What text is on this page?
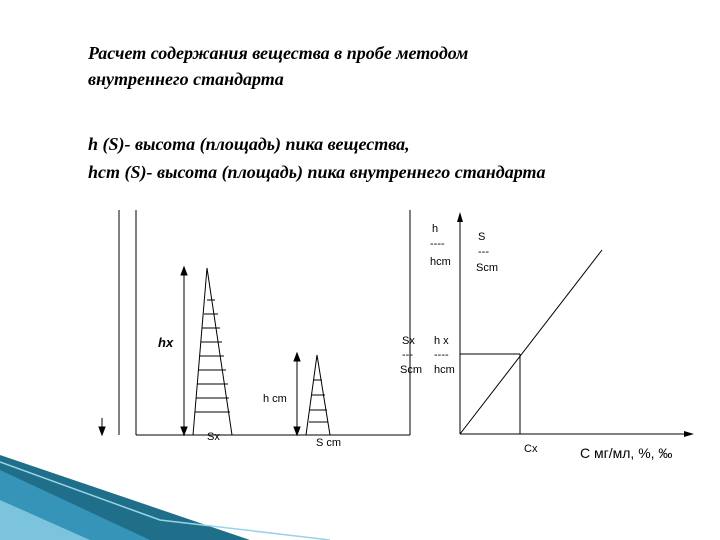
Расчет содержания вещества в пробе методом
внутреннего стандарта
h (S)- высота (площадь) пика вещества,
hcm (S)- высота (площадь) пика внутреннего стандарта
hx
h cm
Sx	S cm
h
----
hcm
S
---
Scm
Sx
---
Scm
h x
----
hcm
Cx	C мг/мл, %, ‰
